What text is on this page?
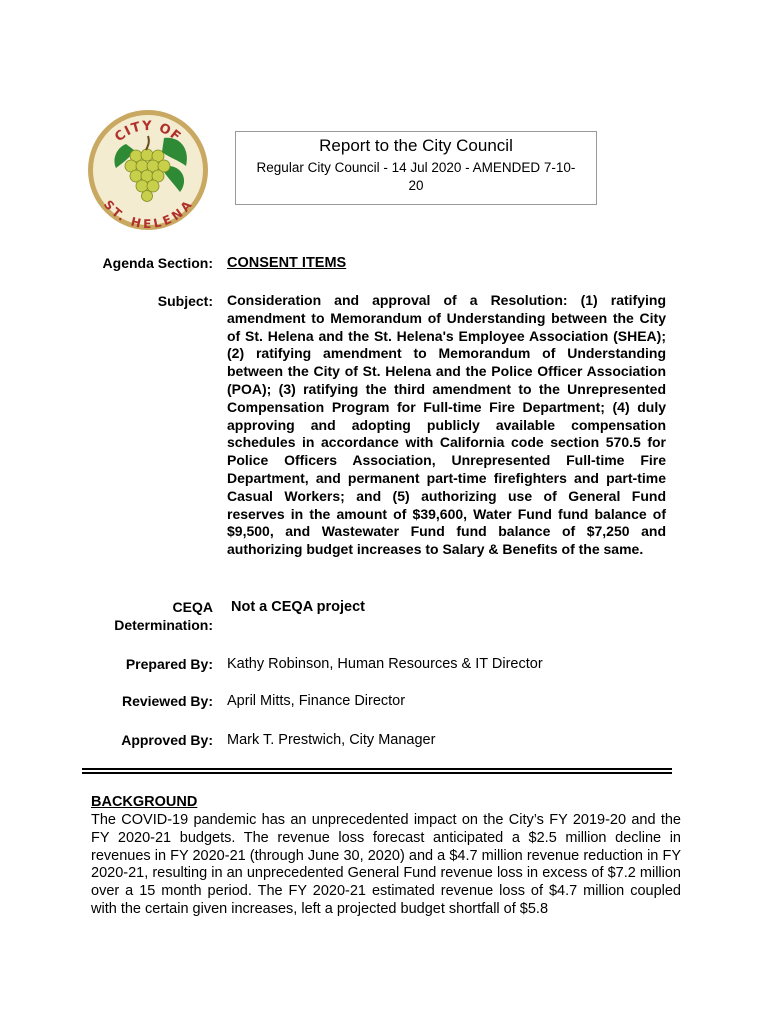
CITY OF
ST. HELENA
Report to the City Council
Regular City Council - 14 Jul 2020 - AMENDED 7-10-20
Agenda Section: CONSENT ITEMS
Subject: Consideration and approval of a Resolution: (1) ratifying amendment to Memorandum of Understanding between the City of St. Helena and the St. Helena's Employee Association (SHEA); (2) ratifying amendment to Memorandum of Understanding between the City of St. Helena and the Police Officer Association (POA); (3) ratifying the third amendment to the Unrepresented Compensation Program for Full-time Fire Department; (4) duly approving and adopting publicly available compensation schedules in accordance with California code section 570.5 for Police Officers Association, Unrepresented Full-time Fire Department, and permanent part-time firefighters and part-time Casual Workers; and (5) authorizing use of General Fund reserves in the amount of $39,600, Water Fund fund balance of $9,500, and Wastewater Fund fund balance of $7,250 and authorizing budget increases to Salary & Benefits of the same.
CEQA
Determination:
Not a CEQA project
Prepared By: Kathy Robinson, Human Resources & IT Director
Reviewed By: April Mitts, Finance Director
Approved By: Mark T. Prestwich, City Manager
BACKGROUND
The COVID-19 pandemic has an unprecedented impact on the City’s FY 2019-20 and the FY 2020-21 budgets. The revenue loss forecast anticipated a $2.5 million decline in revenues in FY 2020-21 (through June 30, 2020) and a $4.7 million revenue reduction in FY 2020-21, resulting in an unprecedented General Fund revenue loss in excess of $7.2 million over a 15 month period. The FY 2020-21 estimated revenue loss of $4.7 million coupled with the certain given increases, left a projected budget shortfall of $5.8
